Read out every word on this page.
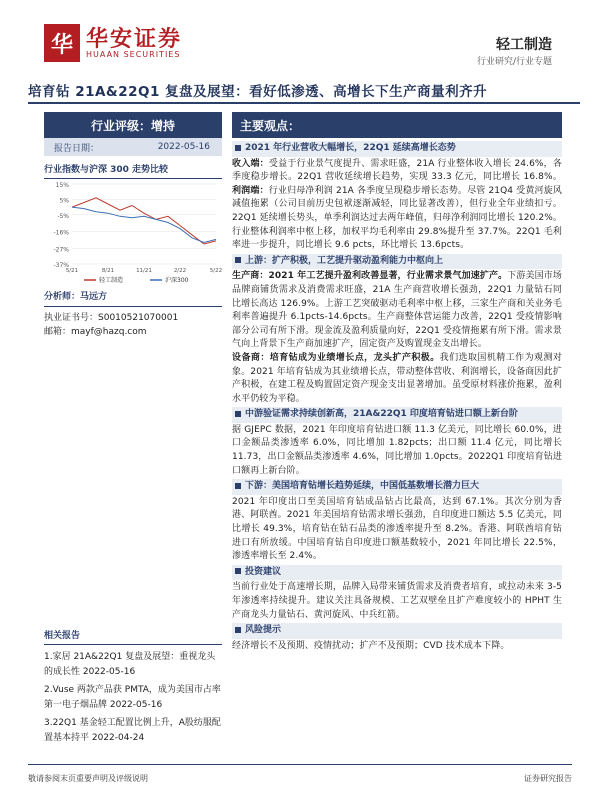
华 华安证券
HUAAN SECURITIES
轻工制造
行业研究/行业专题
培育钻 21A&22Q1 复盘及展望：看好低渗透、高增长下生产商量利齐升
行业评级：增持
报告日期：	2022-05-16
行业指数与沪深 300 走势比较
15%
5%
-5%
-16%
-27%
-37%
5/21	8/21	11/21	2/22	5/22
轻工制造	沪深300
分析师：马远方
执业证书号：S0010521070001
邮箱：mayf@hazq.com
相关报告
1.家居 21A&22Q1 复盘及展望：重视龙头的成长性 2022-05-16
2.Vuse 两款产品获 PMTA，成为美国市占率第一电子烟品牌 2022-05-16
3.22Q1 基金轻工配置比例上升，A股纺服配置基本持平 2022-04-24
主要观点：
2021 年行业营收大幅增长，22Q1 延续高增长态势
收入端：受益于行业景气度提升、需求旺盛，21A 行业整体收入增长 24.6%，各季度稳步增长。22Q1 营收延续增长趋势，实现 33.3 亿元，同比增长 16.8%。利润端：行业归母净利润 21A 各季度呈现稳步增长态势。尽管 21Q4 受黄河旋风减值拖累（公司目前历史包袱逐渐减轻，同比显著改善），但行业全年业绩扣亏。22Q1 延续增长势头，单季利润达过去两年峰值，归母净利润同比增长 120.2%。行业整体利润率中枢上移，加权平均毛利率由 29.8%提升至 37.7%。22Q1 毛利率进一步提升，同比增长 9.6 pcts，环比增长 13.6pcts。
上游：扩产积极，工艺提升驱动盈利能力中枢向上
生产商：2021 年工艺提升盈利改善显著，行业需求景气加速扩产。下游美国市场品牌商铺货需求及消费需求旺盛，21A 生产商营收增长强劲，22Q1 力量钻石同比增长高达 126.9%。上游工艺突破驱动毛利率中枢上移，三家生产商和关业务毛利率普遍提升 6.1pcts-14.6pcts。生产商整体营运能力改善，22Q1 受疫情影响部分公司有所下滑。现金流及盈利质量向好，22Q1 受疫情拖累有所下滑。需求景气向上背景下生产商加速扩产，固定资产及购置现金支出增长。
设备商：培育钻成为业绩增长点，龙头扩产积极。我们选取国机精工作为观测对象。2021 年培育钻成为其业绩增长点，带动整体营收、利润增长，设备商因此扩产积极，在建工程及购置固定资产现金支出显著增加。虽受原材料涨价拖累，盈利水平仍较为平稳。
中游验证需求持续创新高，21A&22Q1 印度培育钻进口额上新台阶
据 GJEPC 数据，2021 年印度培育钻进口额 11.3 亿美元，同比增长 60.0%，进口金额品类渗透率 6.0%，同比增加 1.82pcts；出口额 11.4 亿元，同比增长 11.73，出口金额品类渗透率 4.6%，同比增加 1.0pcts。2022Q1 印度培育钻进口额再上新台阶。
下游：美国培育钻增长趋势延续，中国低基数增长潜力巨大
2021 年印度出口至美国培育钻成品钻占比最高，达到 67.1%。其次分别为香港、阿联酋。2021 年美国培育钻需求增长强劲，自印度进口额达 5.5 亿美元，同比增长 49.3%，培育钻在钻石品类的渗透率提升至 8.2%。香港、阿联酋培育钻进口有所放缓。中国培育钻自印度进口额基数较小，2021 年同比增长 22.5%，渗透率增长至 2.4%。
投资建议
当前行业处于高速增长期，品牌入局带来铺货需求及消费者培育，或拉动未来 3-5 年渗透率持续提升。建议关注具备规模、工艺双壁垒且扩产难度较小的 HPHT 生产商龙头力量钻石、黄河旋风、中兵红箭。
风险提示
经济增长不及预期、疫情扰动；扩产不及预期；CVD 技术成本下降。
敬请参阅末页重要声明及评级说明	证券研究报告
